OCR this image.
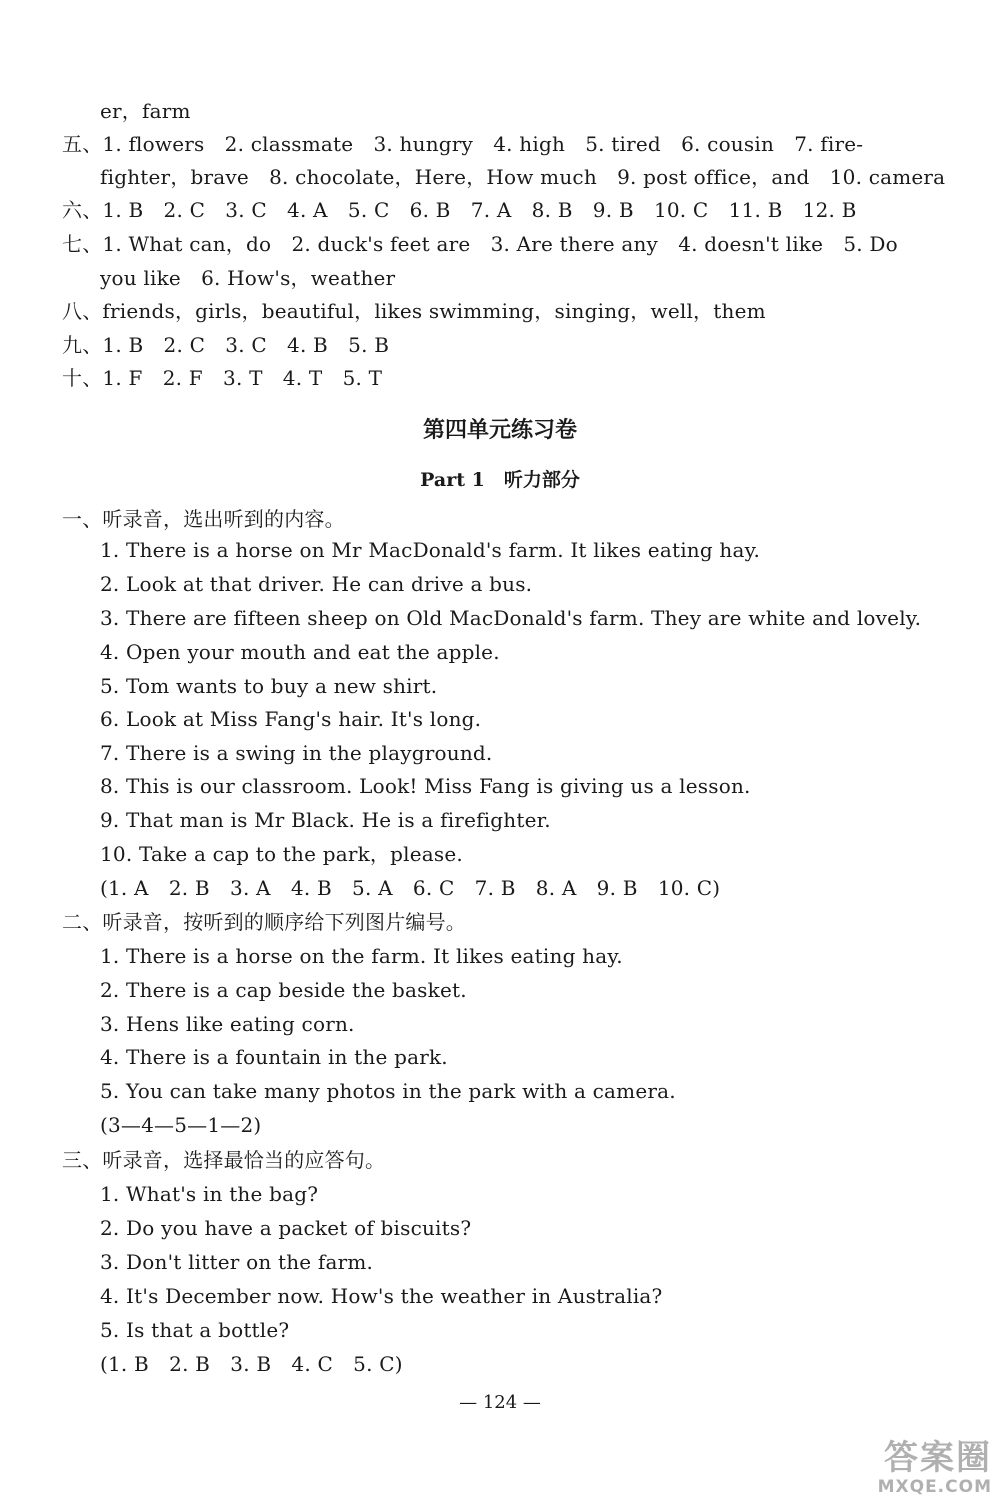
er，farm
五、1. flowers　2. classmate　3. hungry　4. high　5. tired　6. cousin　7. fire-
fighter，brave　8. chocolate，Here，How much　9. post office，and　10. camera
六、1. B　2. C　3. C　4. A　5. C　6. B　7. A　8. B　9. B　10. C　11. B　12. B
七、1. What can，do　2. duck's feet are　3. Are there any　4. doesn't like　5. Do
you like　6. How's，weather
八、friends，girls，beautiful，likes swimming，singing，well，them
九、1. B　2. C　3. C　4. B　5. B
十、1. F　2. F　3. T　4. T　5. T
第四单元练习卷
Part 1　听力部分
一、听录音，选出听到的内容。
1. There is a horse on Mr MacDonald's farm. It likes eating hay.
2. Look at that driver. He can drive a bus.
3. There are fifteen sheep on Old MacDonald's farm. They are white and lovely.
4. Open your mouth and eat the apple.
5. Tom wants to buy a new shirt.
6. Look at Miss Fang's hair. It's long.
7. There is a swing in the playground.
8. This is our classroom. Look! Miss Fang is giving us a lesson.
9. That man is Mr Black. He is a firefighter.
10. Take a cap to the park，please.
(1. A　2. B　3. A　4. B　5. A　6. C　7. B　8. A　9. B　10. C)
二、听录音，按听到的顺序给下列图片编号。
1. There is a horse on the farm. It likes eating hay.
2. There is a cap beside the basket.
3. Hens like eating corn.
4. There is a fountain in the park.
5. You can take many photos in the park with a camera.
(3—4—5—1—2)
三、听录音，选择最恰当的应答句。
1. What's in the bag?
2. Do you have a packet of biscuits?
3. Don't litter on the farm.
4. It's December now. How's the weather in Australia?
5. Is that a bottle?
(1. B　2. B　3. B　4. C　5. C)
— 124 —
答案圈
MXQE.COM
